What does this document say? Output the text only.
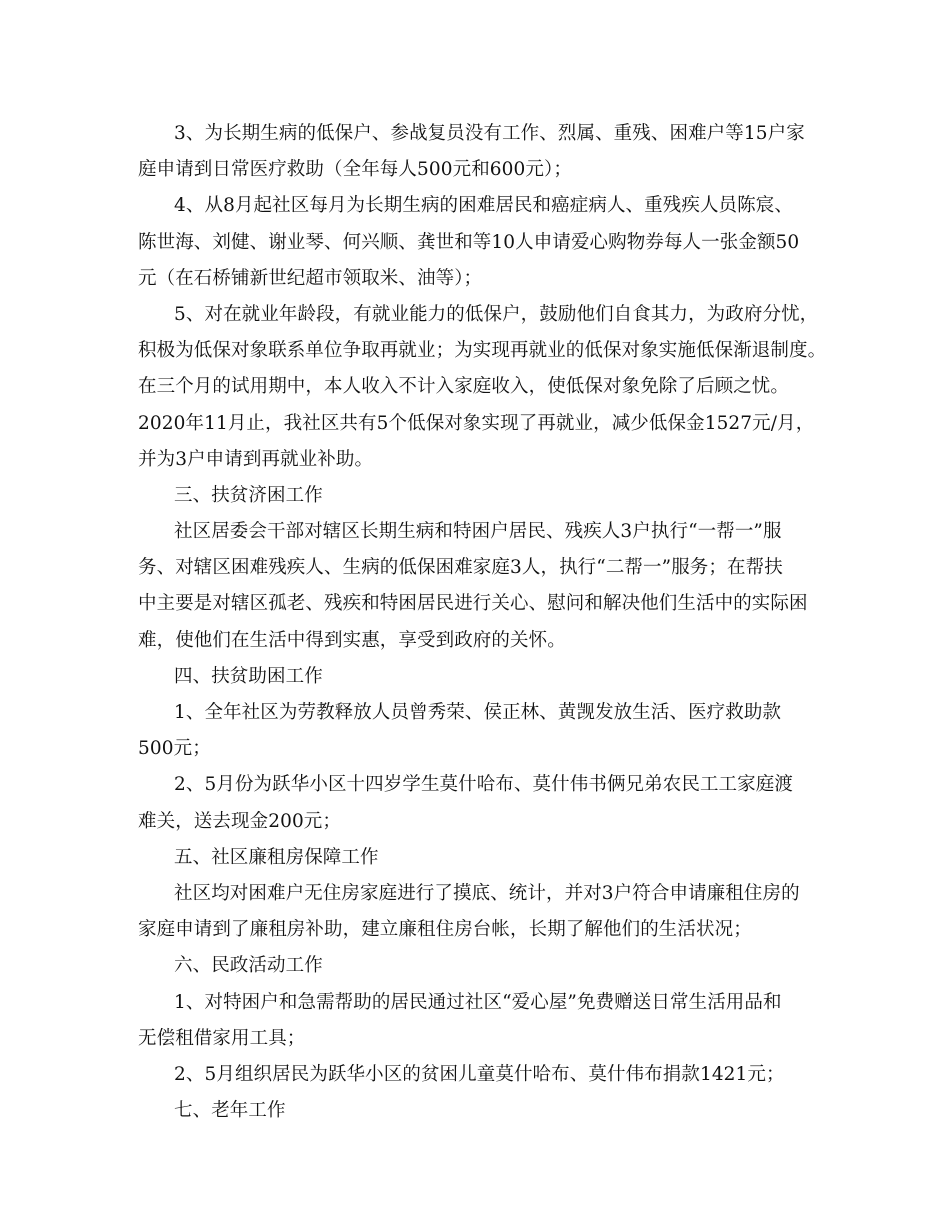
3、为长期生病的低保户、参战复员没有工作、烈属、重残、困难户等15户家
庭申请到日常医疗救助（全年每人500元和600元）；
4、从8月起社区每月为长期生病的困难居民和癌症病人、重残疾人员陈宸、
陈世海、刘健、谢业琴、何兴顺、龚世和等10人申请爱心购物券每人一张金额50
元（在石桥铺新世纪超市领取米、油等）；
5、对在就业年龄段，有就业能力的低保户，鼓励他们自食其力，为政府分忧，
积极为低保对象联系单位争取再就业；为实现再就业的低保对象实施低保渐退制度。
在三个月的试用期中，本人收入不计入家庭收入，使低保对象免除了后顾之忧。
2020年11月止，我社区共有5个低保对象实现了再就业，减少低保金1527元/月，
并为3户申请到再就业补助。
三、扶贫济困工作
社区居委会干部对辖区长期生病和特困户居民、残疾人3户执行“一帮一”服
务、对辖区困难残疾人、生病的低保困难家庭3人，执行“二帮一”服务；在帮扶
中主要是对辖区孤老、残疾和特困居民进行关心、慰问和解决他们生活中的实际困
难，使他们在生活中得到实惠，享受到政府的关怀。
四、扶贫助困工作
1、全年社区为劳教释放人员曾秀荣、侯正林、黄觊发放生活、医疗救助款
500元；
2、5月份为跃华小区十四岁学生莫什哈布、莫什伟书俩兄弟农民工工家庭渡
难关，送去现金200元；
五、社区廉租房保障工作
社区均对困难户无住房家庭进行了摸底、统计，并对3户符合申请廉租住房的
家庭申请到了廉租房补助，建立廉租住房台帐，长期了解他们的生活状况；
六、民政活动工作
1、对特困户和急需帮助的居民通过社区“爱心屋”免费赠送日常生活用品和
无偿租借家用工具；
2、5月组织居民为跃华小区的贫困儿童莫什哈布、莫什伟布捐款1421元；
七、老年工作
